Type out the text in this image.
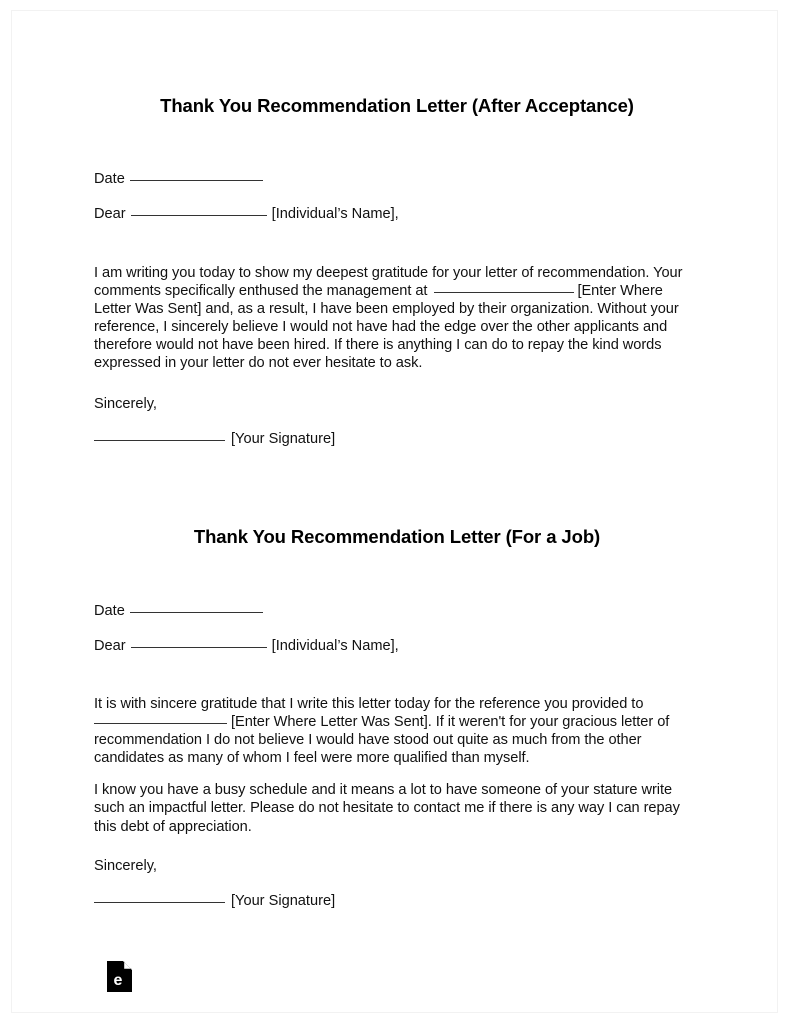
Thank You Recommendation Letter (After Acceptance)
Date
Dear	[Individual’s Name],

I am writing you today to show my deepest gratitude for your letter of recommendation. Your comments specifically enthused the management at	[Enter Where Letter Was Sent] and, as a result, I have been employed by their organization. Without your reference, I sincerely believe I would not have had the edge over the other applicants and therefore would not have been hired. If there is anything I can do to repay the kind words expressed in your letter do not ever hesitate to ask.

Sincerely,
[Your Signature]
Thank You Recommendation Letter (For a Job)
Date
Dear	[Individual’s Name],

It is with sincere gratitude that I write this letter today for the reference you provided to [Enter Where Letter Was Sent]. If it weren't for your gracious letter of recommendation I do not believe I would have stood out quite as much from the other candidates as many of whom I feel were more qualified than myself.

I know you have a busy schedule and it means a lot to have someone of your stature write such an impactful letter. Please do not hesitate to contact me if there is any way I can repay this debt of appreciation.

Sincerely,
[Your Signature]
e
